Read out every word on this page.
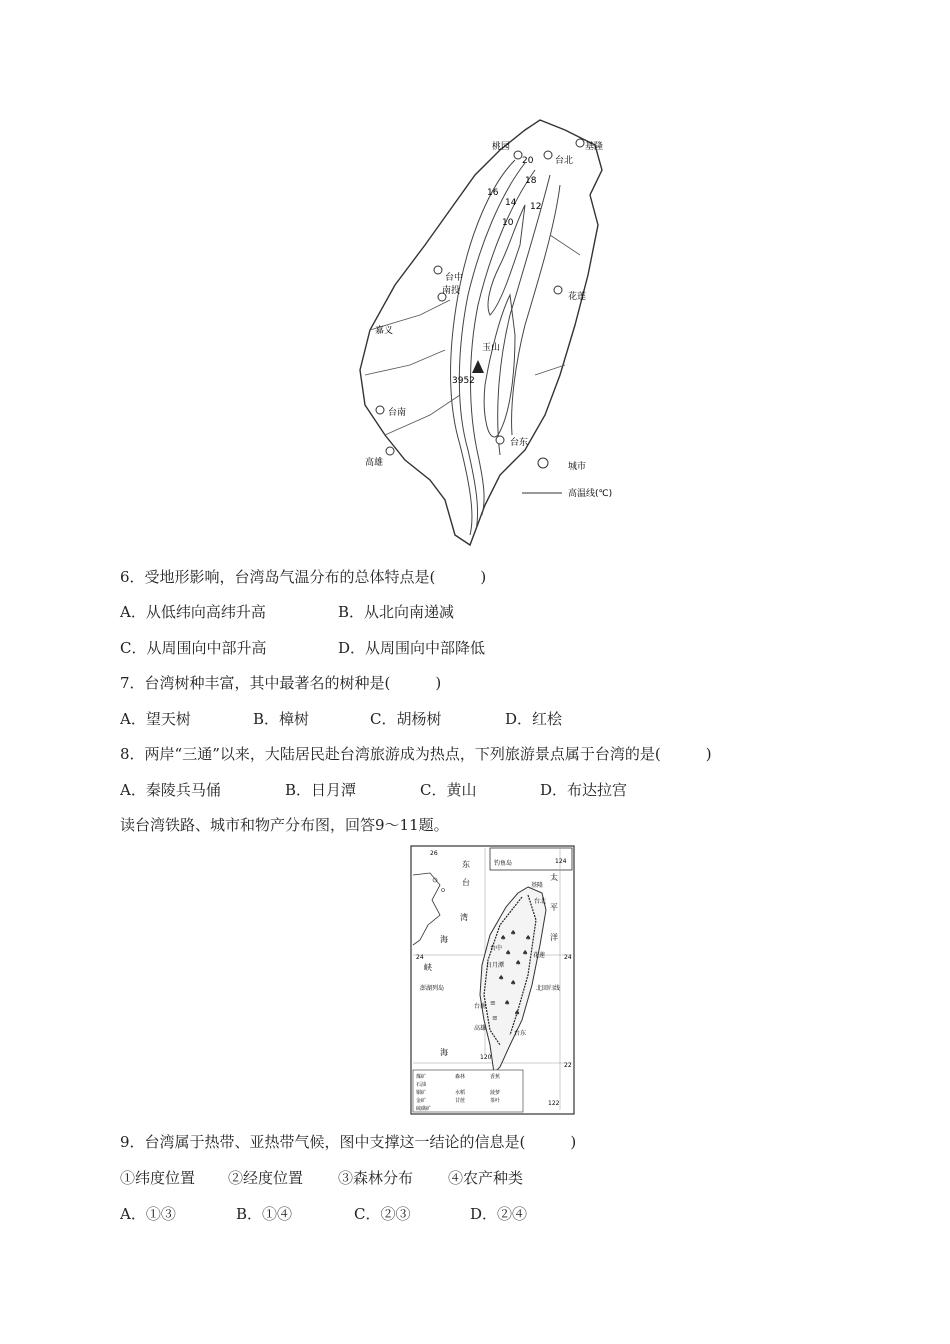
20
18
16
14 12
10
桃园
台北
基隆
台中
南投
花莲
嘉义
台南
台东
高雄
玉山
3952
城市
高温线(℃)
6．受地形影响，台湾岛气温分布的总体特点是(　　　)
A．从低纬向高纬升高	B．从北向南递减
C．从周围向中部升高	D．从周围向中部降低
7．台湾树种丰富，其中最著名的树种是(　　　)
A．望天树	B．樟树	C．胡杨树	D．红桧
8．两岸“三通”以来，大陆居民赴台湾旅游成为热点，下列旅游景点属于台湾的是(　　　)
A．秦陵兵马俑	B．日月潭	C．黄山	D．布达拉宫
读台湾铁路、城市和物产分布图，回答9～11题。
钓鱼岛
26
24	24
22
120
122
124
♠
♠
♠
♠
♠
♠
♠
♠
≡
≡
♠
♠
东
台
湾
海
峡
太
平
洋
海
基隆
台北
花莲
台中
日月潭
澎湖列岛	北回归线
台南
台东
高雄
煤矿
石油
铜矿
金矿
硫磺矿
森林
水稻
甘蔗
香蕉
菠萝
茶叶
9．台湾属于热带、亚热带气候，图中支撑这一结论的信息是(　　　)
①纬度位置 ②经度位置 ③森林分布 ④农产种类
A．①③	B．①④	C．②③	D．②④
